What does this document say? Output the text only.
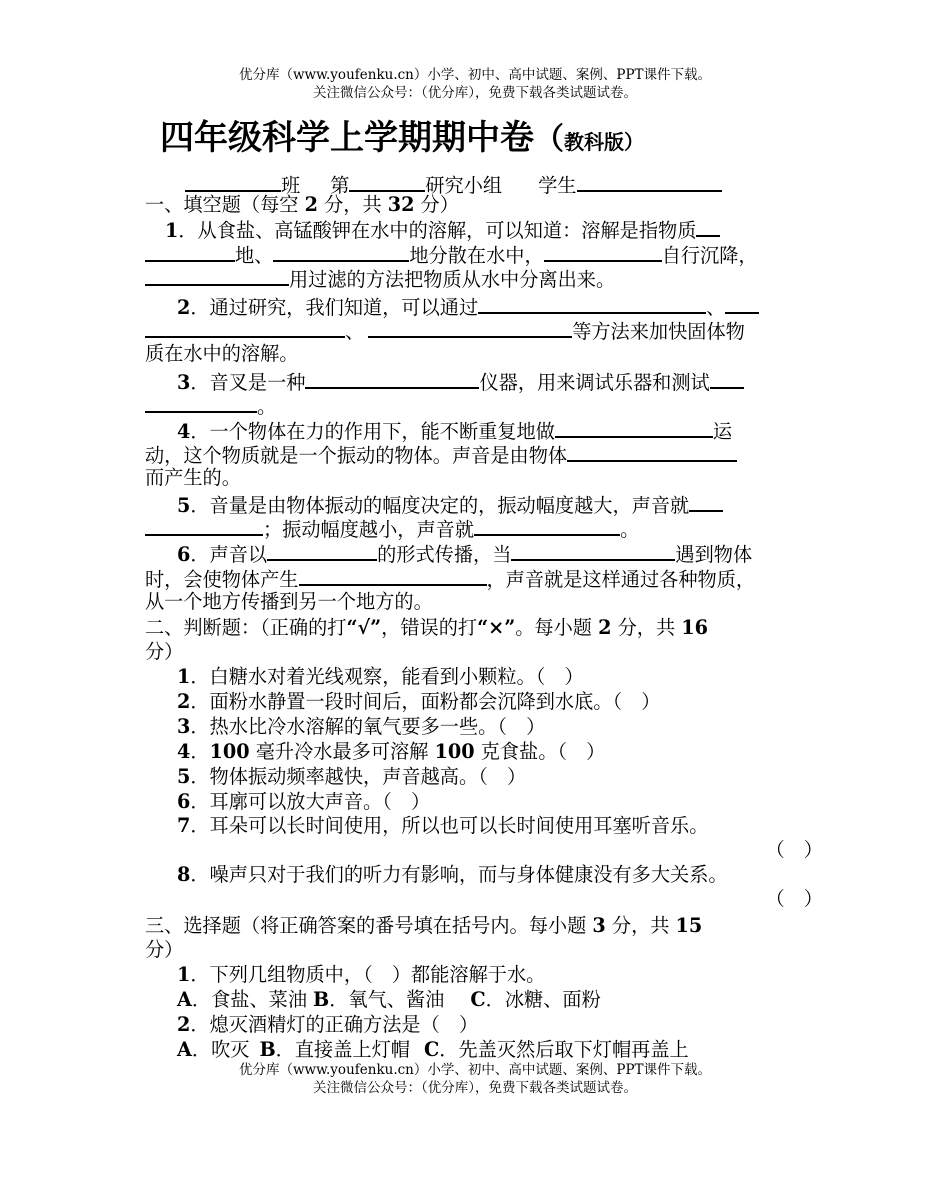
优分库（www.youfenku.cn）小学、初中、高中试题、案例、PPT课件下载。
关注微信公众号：（优分库），免费下载各类试题试卷。
四年级科学上学期期中卷（教科版）
班 第	研究小组 学生
一、填空题（每空 2 分，共 32 分）
1．从食盐、高锰酸钾在水中的溶解，可以知道：溶解是指物质
地、	地分散在水中，	自行沉降，
用过滤的方法把物质从水中分离出来。
2．通过研究，我们知道，可以通过	、
、	等方法来加快固体物
质在水中的溶解。
3．音叉是一种	仪器，用来调试乐器和测试
。
4．一个物体在力的作用下，能不断重复地做	运
动，这个物质就是一个振动的物体。声音是由物体
而产生的。
5．音量是由物体振动的幅度决定的，振动幅度越大，声音就
；振动幅度越小，声音就	。
6．声音以	的形式传播，当	遇到物体
时，会使物体产生	，声音就是这样通过各种物质，
从一个地方传播到另一个地方的。
二、判断题：（正确的打“√”，错误的打“×”。每小题 2 分，共 16
分）
1．白糖水对着光线观察，能看到小颗粒。（　）
2．面粉水静置一段时间后，面粉都会沉降到水底。（　）
3．热水比冷水溶解的氧气要多一些。（　）
4．100 毫升冷水最多可溶解 100 克食盐。（　）
5．物体振动频率越快，声音越高。（　）
6．耳廓可以放大声音。（　）
7．耳朵可以长时间使用，所以也可以长时间使用耳塞听音乐。
（　）
8．噪声只对于我们的听力有影响，而与身体健康没有多大关系。
（　）
三、选择题（将正确答案的番号填在括号内。每小题 3 分，共 15
分）
1．下列几组物质中，（　）都能溶解于水。
A．食盐、菜油 B．氧气、酱油 C．冰糖、面粉
2．熄灭酒精灯的正确方法是（　）
A．吹灭 B．直接盖上灯帽 C．先盖灭然后取下灯帽再盖上
优分库（www.youfenku.cn）小学、初中、高中试题、案例、PPT课件下载。
关注微信公众号：（优分库），免费下载各类试题试卷。
